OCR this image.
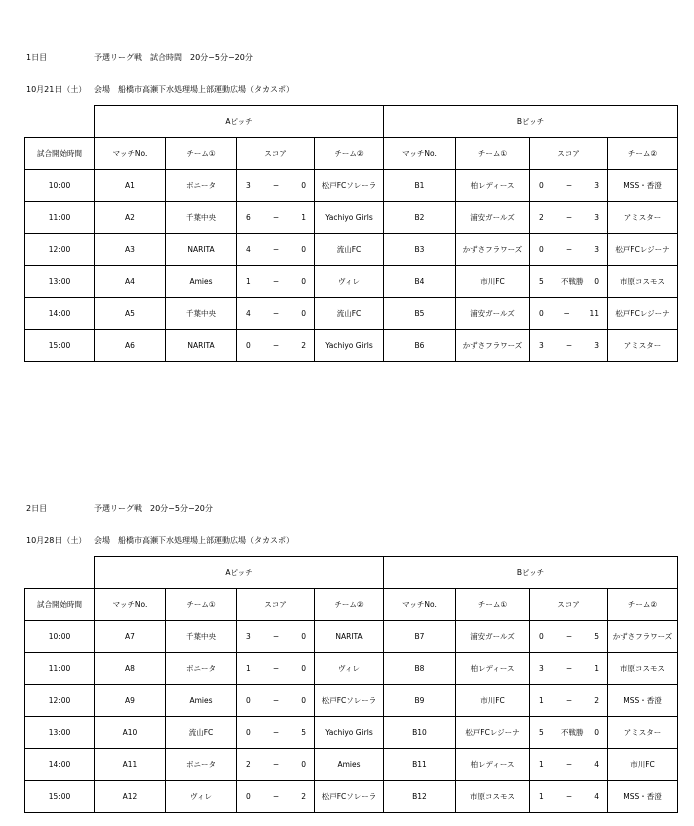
1日目	予選リーグ戦　試合時間　20分−5分−20分
10月21日（土） 会場　船橋市高瀬下水処理場上部運動広場（タカスポ）
	Aピッチ				Bピッチ			
試合開始時間	マッチNo.	チーム①	スコア	チーム②	マッチNo.	チーム①	スコア	チーム②
10:00	A1	ボニータ	3 − 0	松戸FCソレーラ	B1	柏レディース	0 − 3	MSS・香澄
11:00	A2	千葉中央	6 − 1	Yachiyo Girls	B2	浦安ガールズ	2 − 3	アミスター
12:00	A3	NARITA	4 − 0	流山FC	B3	かずさフラワーズ	0 − 3	松戸FCレジーナ
13:00	A4	Amies	1 − 0	ヴィレ	B4	市川FC	5 不戦勝 0	市原コスモス
14:00	A5	千葉中央	4 − 0	流山FC	B5	浦安ガールズ	0 − 11	松戸FCレジーナ
15:00	A6	NARITA	0 − 2	Yachiyo Girls	B6	かずさフラワーズ	3 − 3	アミスター
2日目	予選リーグ戦　20分−5分−20分
10月28日（土） 会場　船橋市高瀬下水処理場上部運動広場（タカスポ）
	Aピッチ				Bピッチ			
試合開始時間	マッチNo.	チーム①	スコア	チーム②	マッチNo.	チーム①	スコア	チーム②
10:00	A7	千葉中央	3 − 0	NARITA	B7	浦安ガールズ	0 − 5	かずさフラワーズ
11:00	A8	ボニータ	1 − 0	ヴィレ	B8	柏レディース	3 − 1	市原コスモス
12:00	A9	Amies	0 − 0	松戸FCソレーラ	B9	市川FC	1 − 2	MSS・香澄
13:00	A10	流山FC	0 − 5	Yachiyo Girls	B10	松戸FCレジーナ	5 不戦勝 0	アミスター
14:00	A11	ボニータ	2 − 0	Amies	B11	柏レディース	1 − 4	市川FC
15:00	A12	ヴィレ	0 − 2	松戸FCソレーラ	B12	市原コスモス	1 − 4	MSS・香澄
